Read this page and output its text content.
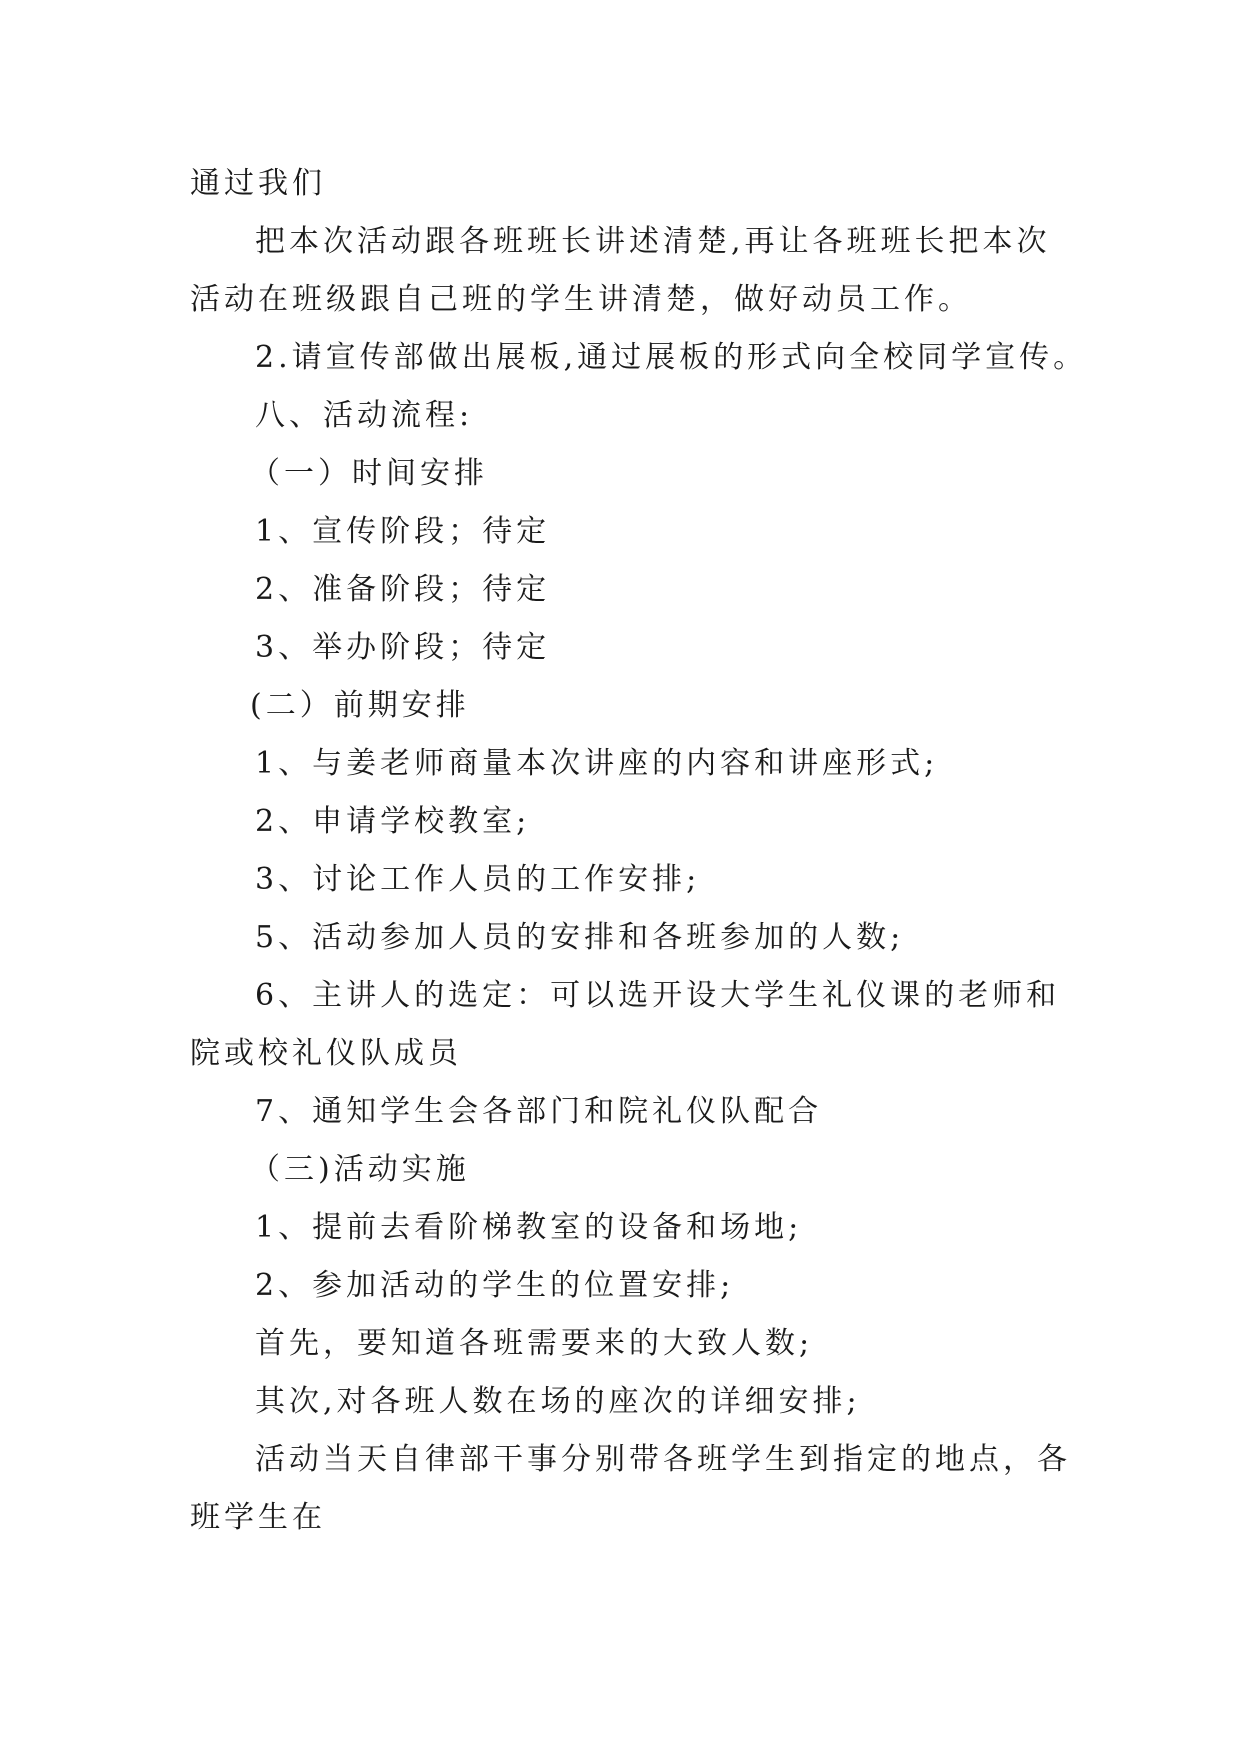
通过我们

把本次活动跟各班班长讲述清楚,再让各班班长把本次

活动在班级跟自己班的学生讲清楚，做好动员工作。

2.请宣传部做出展板,通过展板的形式向全校同学宣传。

八、活动流程:

（一）时间安排

1、宣传阶段；待定

2、准备阶段；待定

3、举办阶段；待定

(二）前期安排

1、与姜老师商量本次讲座的内容和讲座形式;

2、申请学校教室;

3、讨论工作人员的工作安排;

5、活动参加人员的安排和各班参加的人数;

6、主讲人的选定：可以选开设大学生礼仪课的老师和

院或校礼仪队成员

7、通知学生会各部门和院礼仪队配合

（三)活动实施

1、提前去看阶梯教室的设备和场地;

2、参加活动的学生的位置安排;

首先，要知道各班需要来的大致人数;

其次,对各班人数在场的座次的详细安排;

活动当天自律部干事分别带各班学生到指定的地点，各

班学生在
